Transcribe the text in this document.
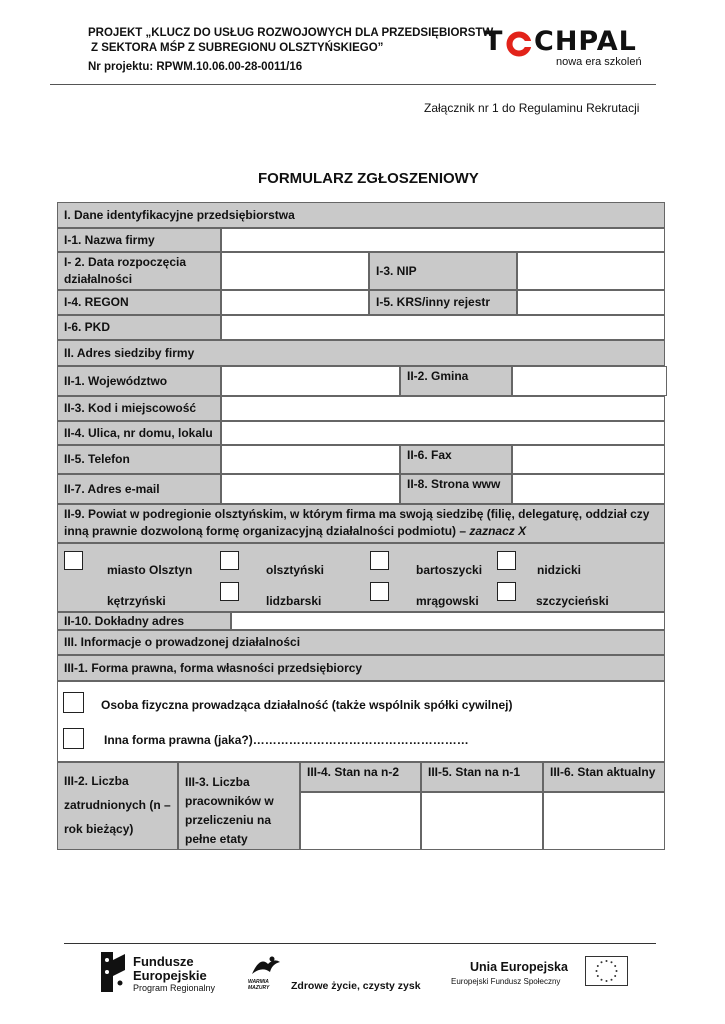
PROJEKT „KLUCZ DO USŁUG ROZWOJOWYCH DLA PRZEDSIĘBIORSTW
Z SEKTORA MŚP Z SUBREGIONU OLSZTYŃSKIEGO”
Nr projektu: RPWM.10.06.00-28-0011/16
T CHPAL
nowa era szkoleń
Załącznik nr 1 do Regulaminu Rekrutacji
FORMULARZ ZGŁOSZENIOWY
I. Dane identyfikacyjne przedsiębiorstwa
I-1. Nazwa firmy
I- 2. Data rozpoczęcia działalności
I-3. NIP
I-4. REGON	I-5. KRS/inny rejestr
I-6. PKD
II. Adres siedziby firmy
II-1. Województwo	II-2. Gmina
II-3. Kod i miejscowość
II-4. Ulica, nr domu, lokalu
II-5. Telefon	II-6. Fax
II-7. Adres e-mail	II-8. Strona www
II-9. Powiat w podregionie olsztyńskim, w którym firma ma swoją siedzibę (filię, delegaturę, oddział czy inną prawnie dozwoloną formę organizacyjną działalności podmiotu) – zaznacz X
miasto Olsztyn	olsztyński	bartoszycki	nidzicki
kętrzyński	lidzbarski	mrągowski	szczycieński
II-10. Dokładny adres
III. Informacje o prowadzonej działalności
III-1. Forma prawna, forma własności przedsiębiorcy
Osoba fizyczna prowadząca działalność (także wspólnik spółki cywilnej)
Inna forma prawna (jaka?)………………………………………………
III-2. Liczba zatrudnionych (n – rok bieżący)
III-3. Liczba pracowników w przeliczeniu na pełne etaty
III-4. Stan na n-2	III-5. Stan na n-1	III-6. Stan aktualny
Fundusze
Europejskie
Program Regionalny
WARMIA
MAZURY Zdrowe życie, czysty zysk
Unia Europejska
Europejski Fundusz Społeczny
